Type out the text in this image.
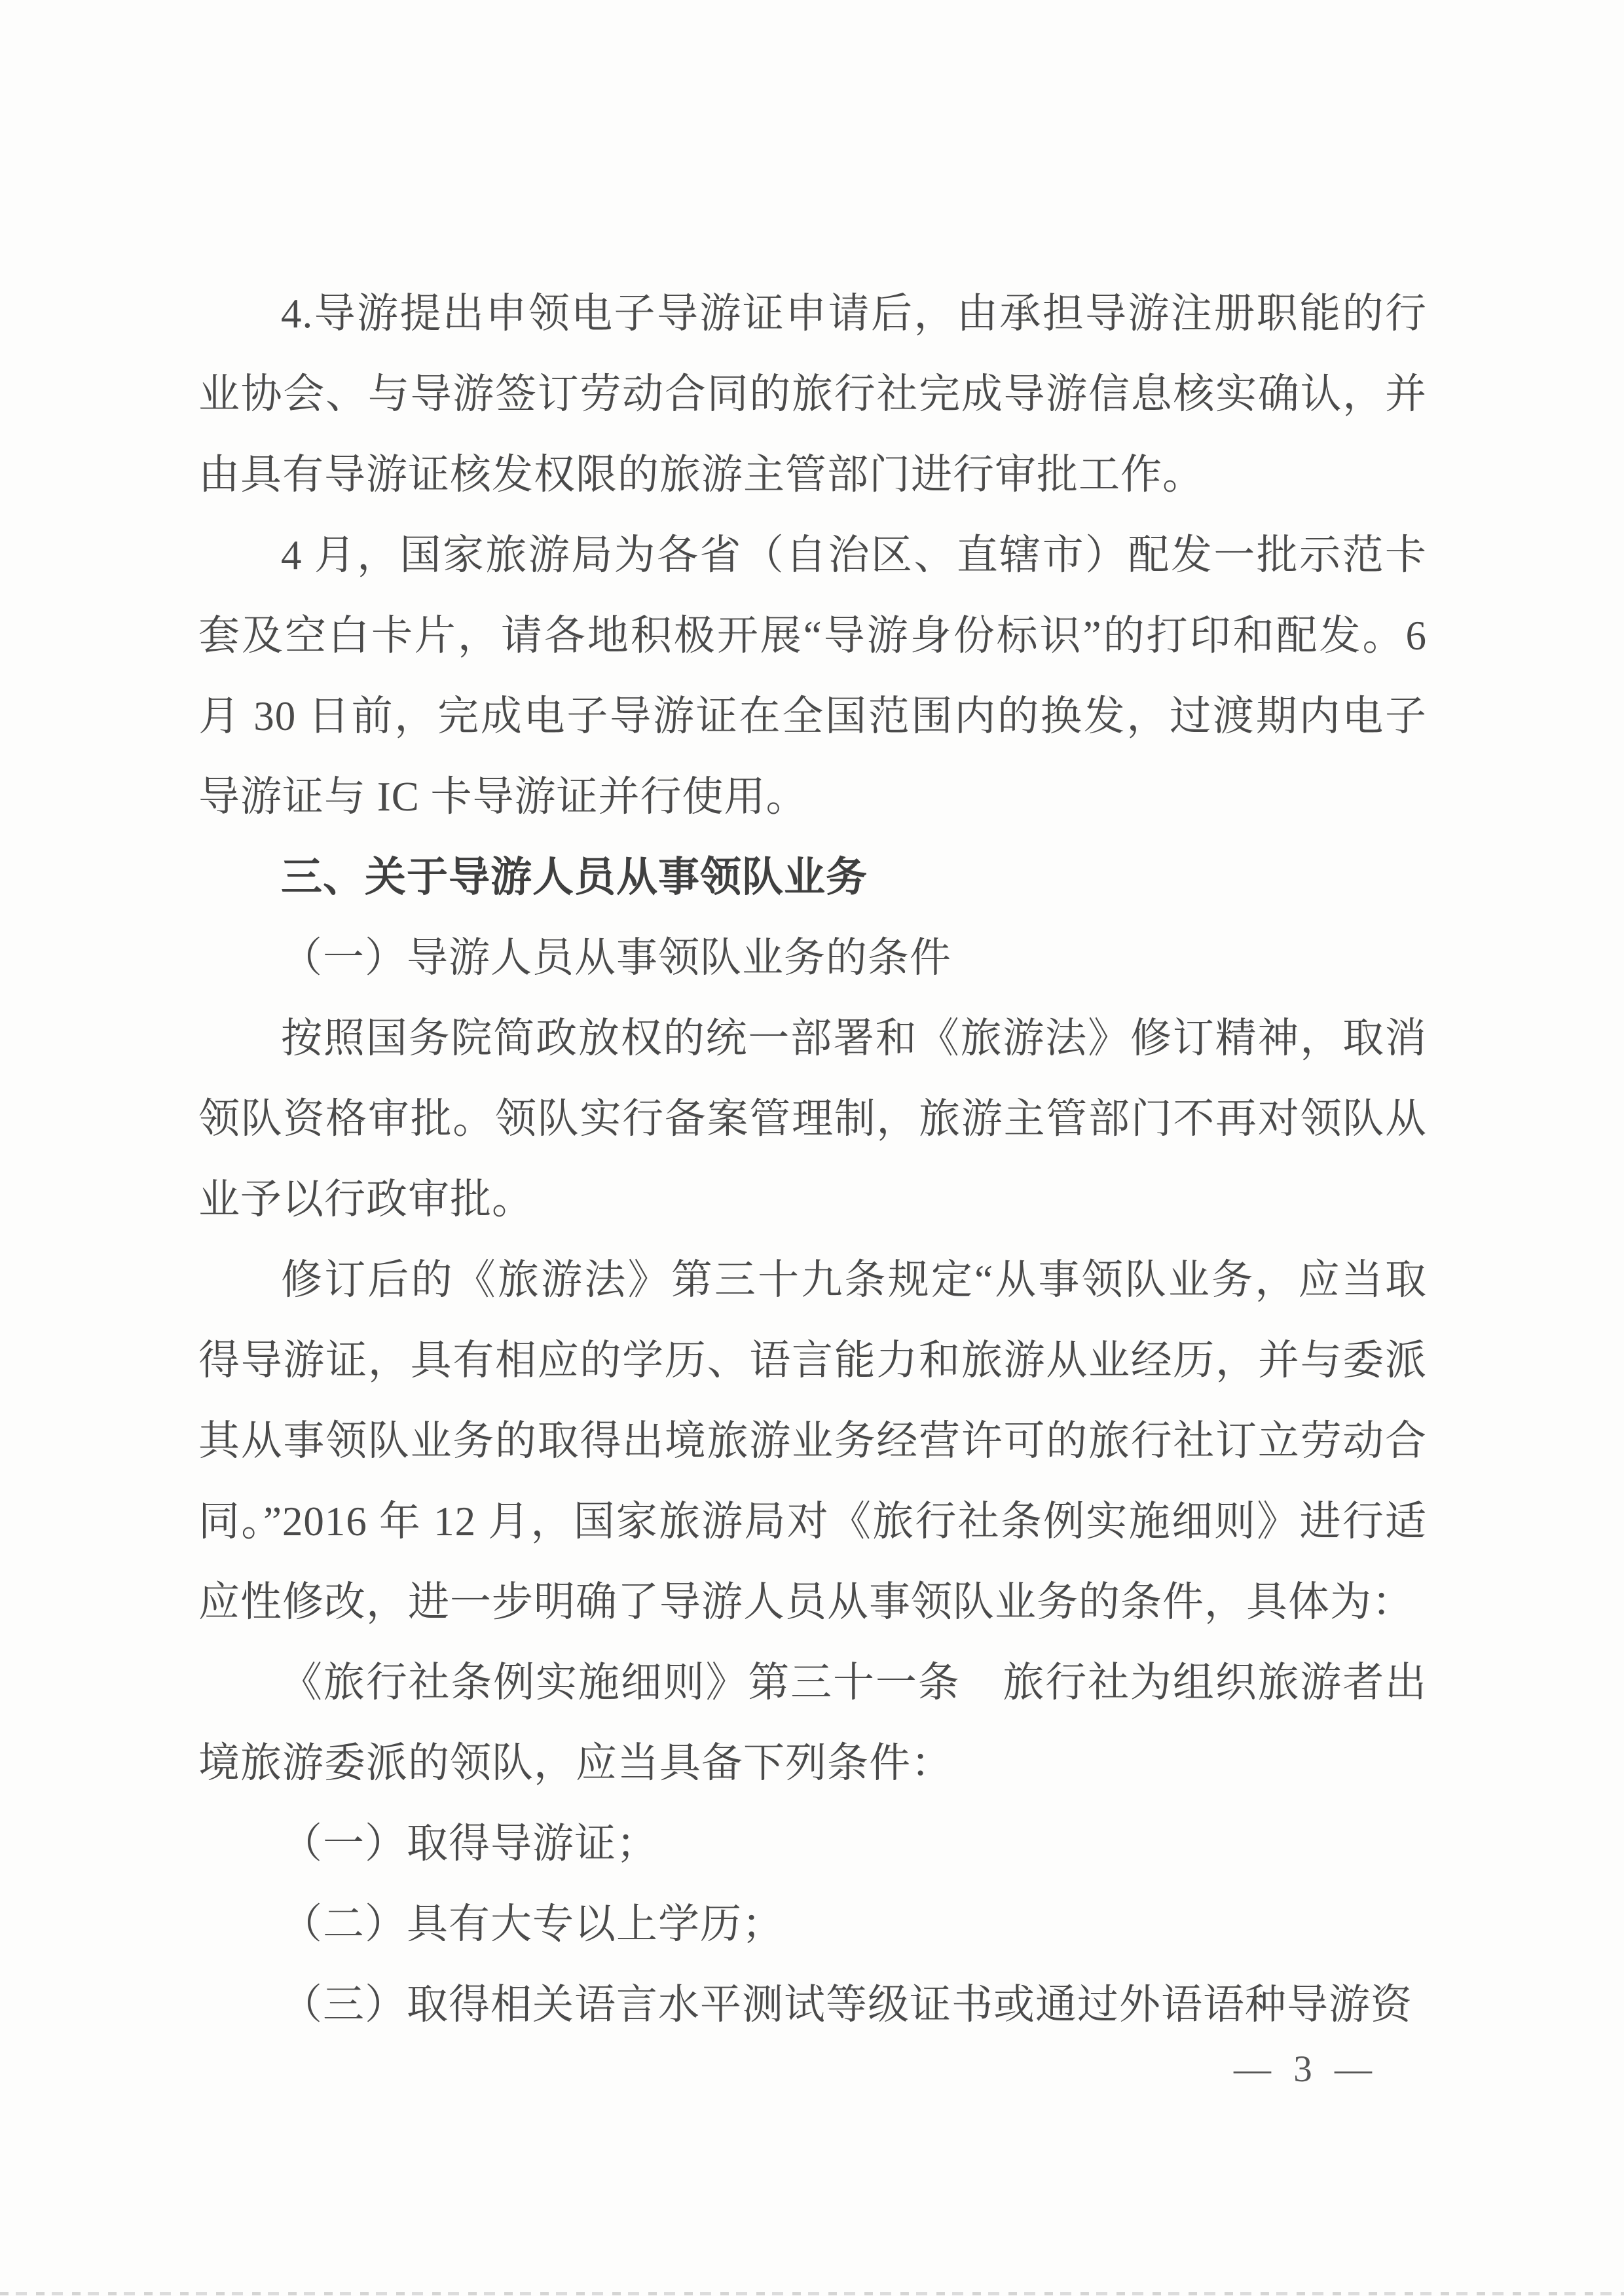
4.导游提出申领电子导游证申请后，由承担导游注册职能的行业协会、与导游签订劳动合同的旅行社完成导游信息核实确认，并由具有导游证核发权限的旅游主管部门进行审批工作。

4 月，国家旅游局为各省（自治区、直辖市）配发一批示范卡套及空白卡片，请各地积极开展“导游身份标识”的打印和配发。6 月 30 日前，完成电子导游证在全国范围内的换发，过渡期内电子导游证与 IC 卡导游证并行使用。

三、关于导游人员从事领队业务

（一）导游人员从事领队业务的条件

按照国务院简政放权的统一部署和《旅游法》修订精神，取消领队资格审批。领队实行备案管理制，旅游主管部门不再对领队从业予以行政审批。

修订后的《旅游法》第三十九条规定“从事领队业务，应当取得导游证，具有相应的学历、语言能力和旅游从业经历，并与委派其从事领队业务的取得出境旅游业务经营许可的旅行社订立劳动合同。”2016 年 12 月，国家旅游局对《旅行社条例实施细则》进行适应性修改，进一步明确了导游人员从事领队业务的条件，具体为：

《旅行社条例实施细则》第三十一条　旅行社为组织旅游者出境旅游委派的领队，应当具备下列条件：

（一）取得导游证；

（二）具有大专以上学历；

（三）取得相关语言水平测试等级证书或通过外语语种导游资

— 3 —
